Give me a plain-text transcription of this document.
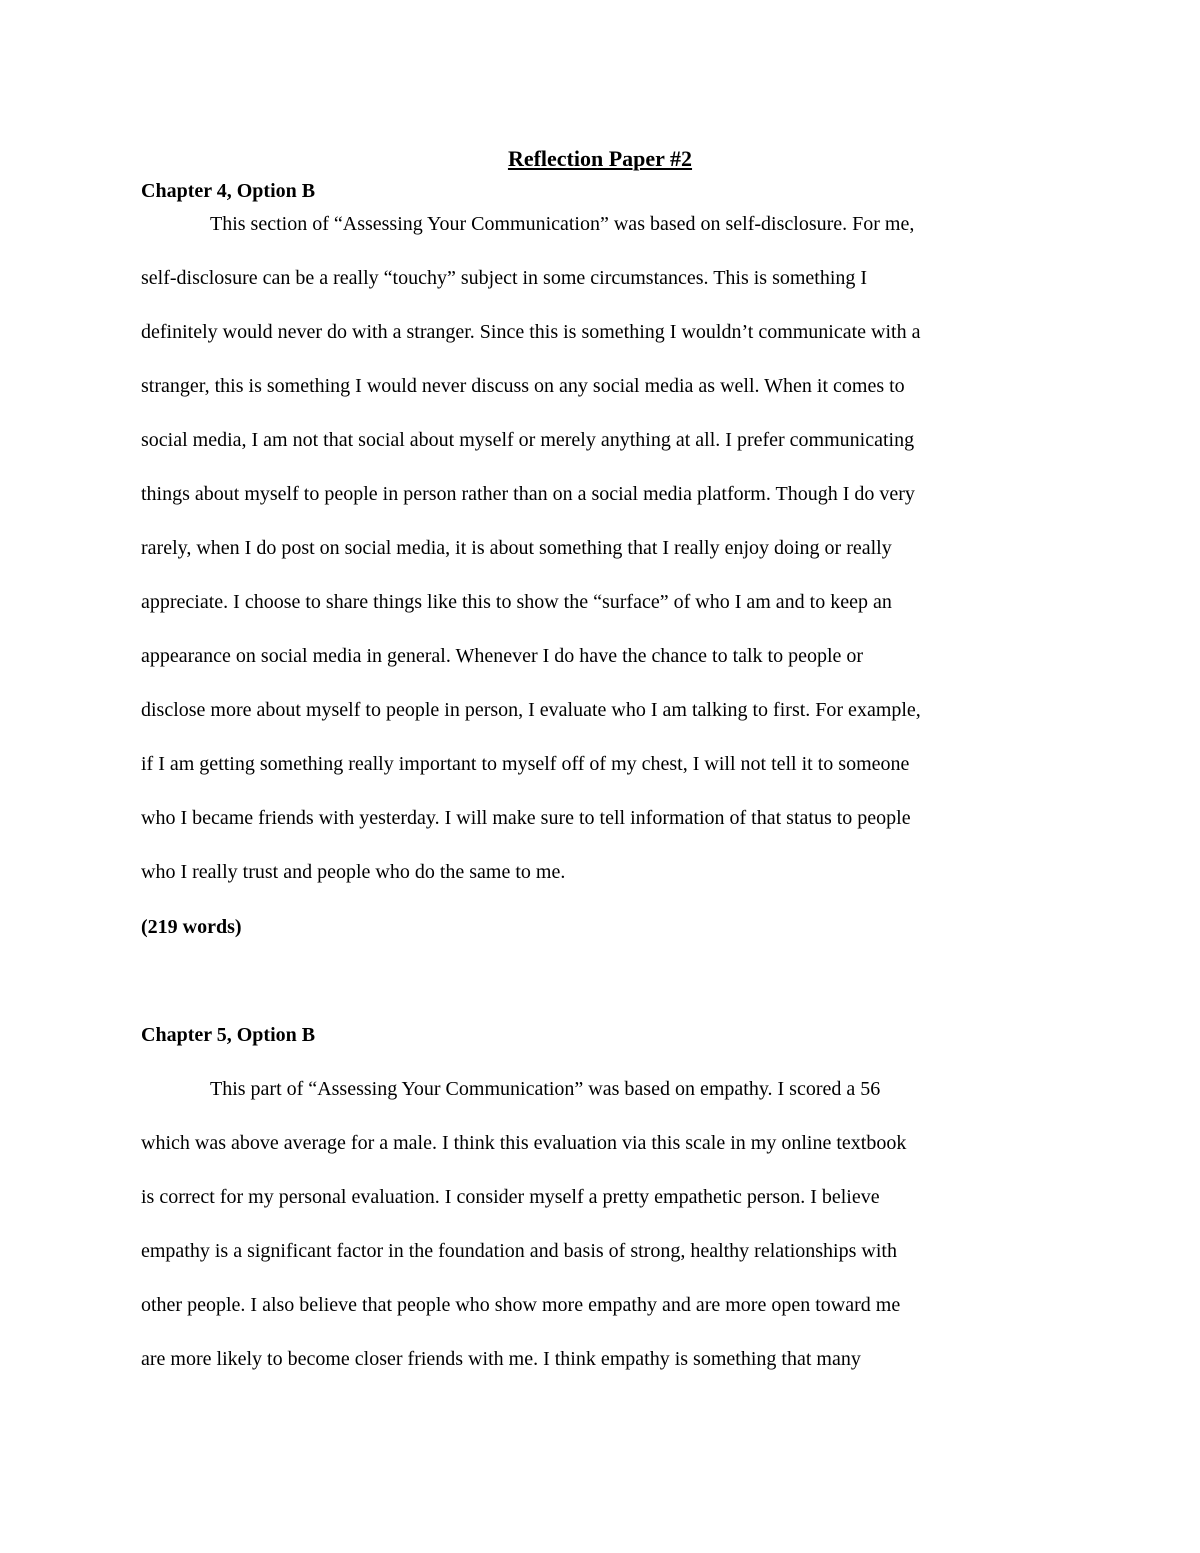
Reflection Paper #2
Chapter 4, Option B
This section of “Assessing Your Communication” was based on self-disclosure. For me,
self-disclosure can be a really “touchy” subject in some circumstances. This is something I
definitely would never do with a stranger. Since this is something I wouldn’t communicate with a
stranger, this is something I would never discuss on any social media as well. When it comes to
social media, I am not that social about myself or merely anything at all. I prefer communicating
things about myself to people in person rather than on a social media platform. Though I do very
rarely, when I do post on social media, it is about something that I really enjoy doing or really
appreciate. I choose to share things like this to show the “surface” of who I am and to keep an
appearance on social media in general. Whenever I do have the chance to talk to people or
disclose more about myself to people in person, I evaluate who I am talking to first. For example,
if I am getting something really important to myself off of my chest, I will not tell it to someone
who I became friends with yesterday. I will make sure to tell information of that status to people
who I really trust and people who do the same to me.
(219 words)
Chapter 5, Option B
This part of “Assessing Your Communication” was based on empathy. I scored a 56
which was above average for a male. I think this evaluation via this scale in my online textbook
is correct for my personal evaluation. I consider myself a pretty empathetic person. I believe
empathy is a significant factor in the foundation and basis of strong, healthy relationships with
other people. I also believe that people who show more empathy and are more open toward me
are more likely to become closer friends with me. I think empathy is something that many
